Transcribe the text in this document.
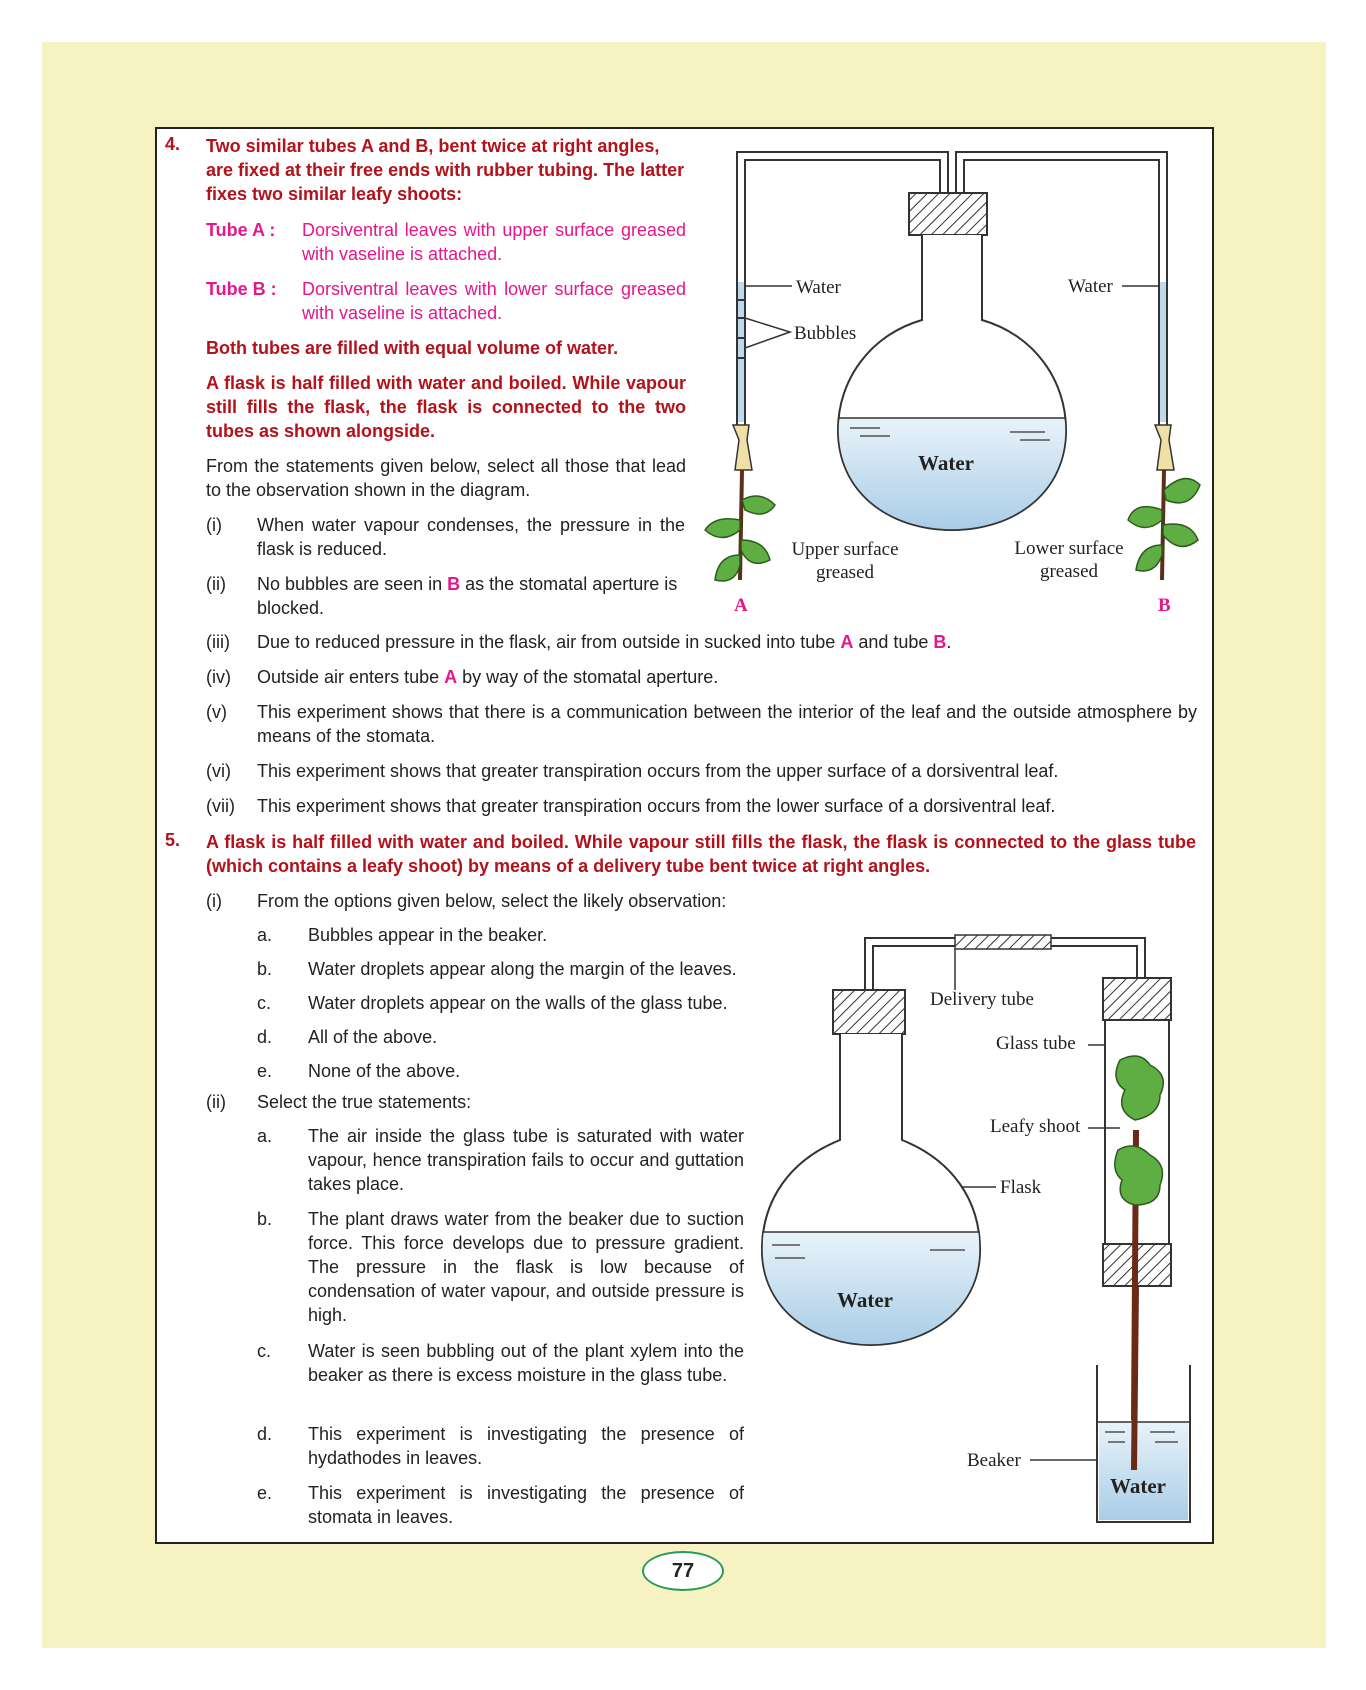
4. Two similar tubes A and B, bent twice at right angles, are fixed at their free ends with rubber tubing. The latter fixes two similar leafy shoots:
Tube A : Dorsiventral leaves with upper surface greased with vaseline is attached.
Tube B : Dorsiventral leaves with lower surface greased with vaseline is attached.
Both tubes are filled with equal volume of water.
A flask is half filled with water and boiled. While vapour still fills the flask, the flask is connected to the two tubes as shown alongside.
From the statements given below, select all those that lead to the observation shown in the diagram.
(i) When water vapour condenses, the pressure in the flask is reduced.
(ii) No bubbles are seen in B as the stomatal aperture is blocked.
(iii) Due to reduced pressure in the flask, air from outside in sucked into tube A and tube B.
(iv) Outside air enters tube A by way of the stomatal aperture.
(v) This experiment shows that there is a communication between the interior of the leaf and the outside atmosphere by means of the stomata.
(vi) This experiment shows that greater transpiration occurs from the upper surface of a dorsiventral leaf.
(vii) This experiment shows that greater transpiration occurs from the lower surface of a dorsiventral leaf.
5. A flask is half filled with water and boiled. While vapour still fills the flask, the flask is connected to the glass tube (which contains a leafy shoot) by means of a delivery tube bent twice at right angles.
(i) From the options given below, select the likely observation:
a. Bubbles appear in the beaker.
b. Water droplets appear along the margin of the leaves.
c. Water droplets appear on the walls of the glass tube.
d. All of the above.
e. None of the above.
(ii) Select the true statements:
a. The air inside the glass tube is saturated with water vapour, hence transpiration fails to occur and guttation takes place.
b. The plant draws water from the beaker due to suction force. This force develops due to pressure gradient. The pressure in the flask is low because of condensation of water vapour, and outside pressure is high.
c. Water is seen bubbling out of the plant xylem into the beaker as there is excess moisture in the glass tube.
d. This experiment is investigating the presence of hydathodes in leaves.
e. This experiment is investigating the presence of stomata in leaves.
Water
Bubbles
Water
Water
Upper surface greased
Lower surface greased
A	B
Delivery tube
Glass tube
Leafy shoot
Flask
Beaker
Water
Water
77
